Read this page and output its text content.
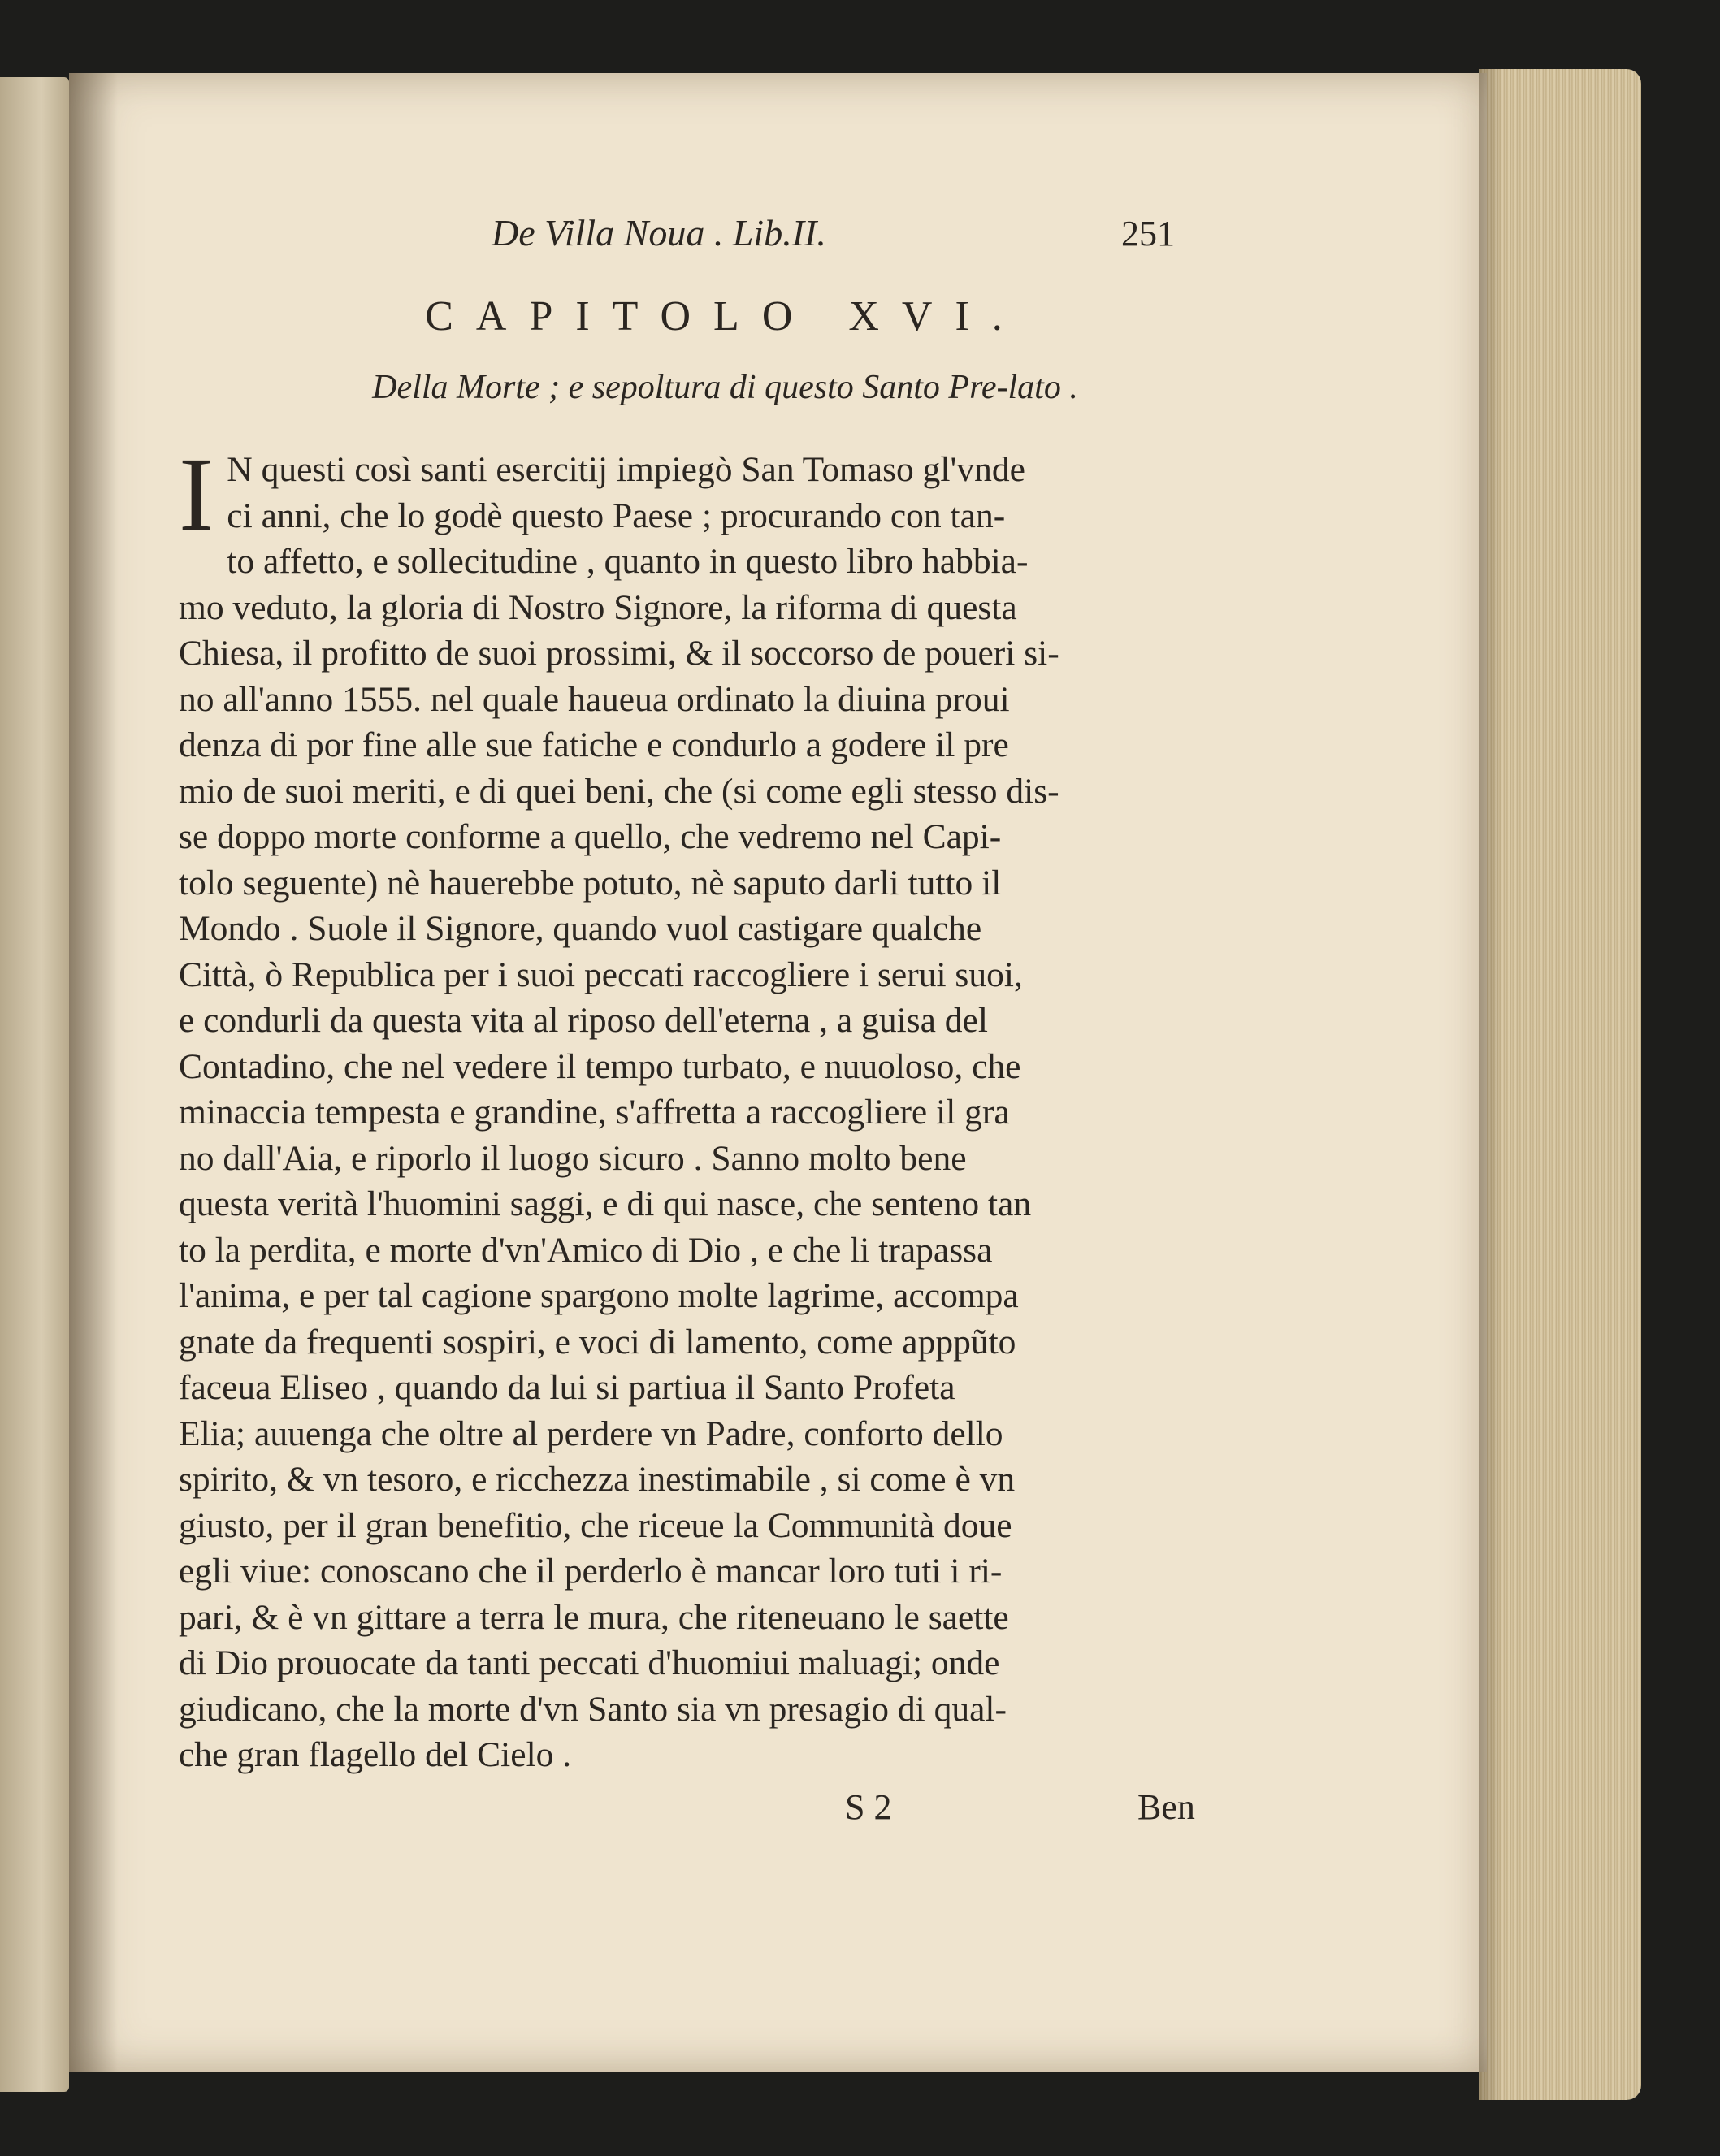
De Villa Noua . Lib.II.	251
CAPITOLO XVI.
Della Morte ; e sepoltura di questo Santo Pre-lato .
I N questi così santi esercitij impiegò San Tomaso gl'vnde
ci anni, che lo godè questo Paese ; procurando con tan-
to affetto, e sollecitudine , quanto in questo libro habbia-
mo veduto, la gloria di Nostro Signore, la riforma di questa
Chiesa, il profitto de suoi prossimi, & il soccorso de poueri si-
no all'anno 1555. nel quale haueua ordinato la diuina proui
denza di por fine alle sue fatiche e condurlo a godere il pre
mio de suoi meriti, e di quei beni, che (si come egli stesso dis-
se doppo morte conforme a quello, che vedremo nel Capi-
tolo seguente) nè hauerebbe potuto, nè saputo darli tutto il
Mondo . Suole il Signore, quando vuol castigare qualche
Città, ò Republica per i suoi peccati raccogliere i serui suoi,
e condurli da questa vita al riposo dell'eterna , a guisa del
Contadino, che nel vedere il tempo turbato, e nuuoloso, che
minaccia tempesta e grandine, s'affretta a raccogliere il gra
no dall'Aia, e riporlo il luogo sicuro . Sanno molto bene
questa verità l'huomini saggi, e di qui nasce, che senteno tan
to la perdita, e morte d'vn'Amico di Dio , e che li trapassa
l'anima, e per tal cagione spargono molte lagrime, accompa
gnate da frequenti sospiri, e voci di lamento, come apppũto
faceua Eliseo , quando da lui si partiua il Santo Profeta
Elia; auuenga che oltre al perdere vn Padre, conforto dello
spirito, & vn tesoro, e ricchezza inestimabile , si come è vn
giusto, per il gran benefitio, che riceue la Communità doue
egli viue: conoscano che il perderlo è mancar loro tuti i ri-
pari, & è vn gittare a terra le mura, che riteneuano le saette
di Dio prouocate da tanti peccati d'huomiui maluagi; onde
giudicano, che la morte d'vn Santo sia vn presagio di qual-
che gran flagello del Cielo .
S 2	Ben
